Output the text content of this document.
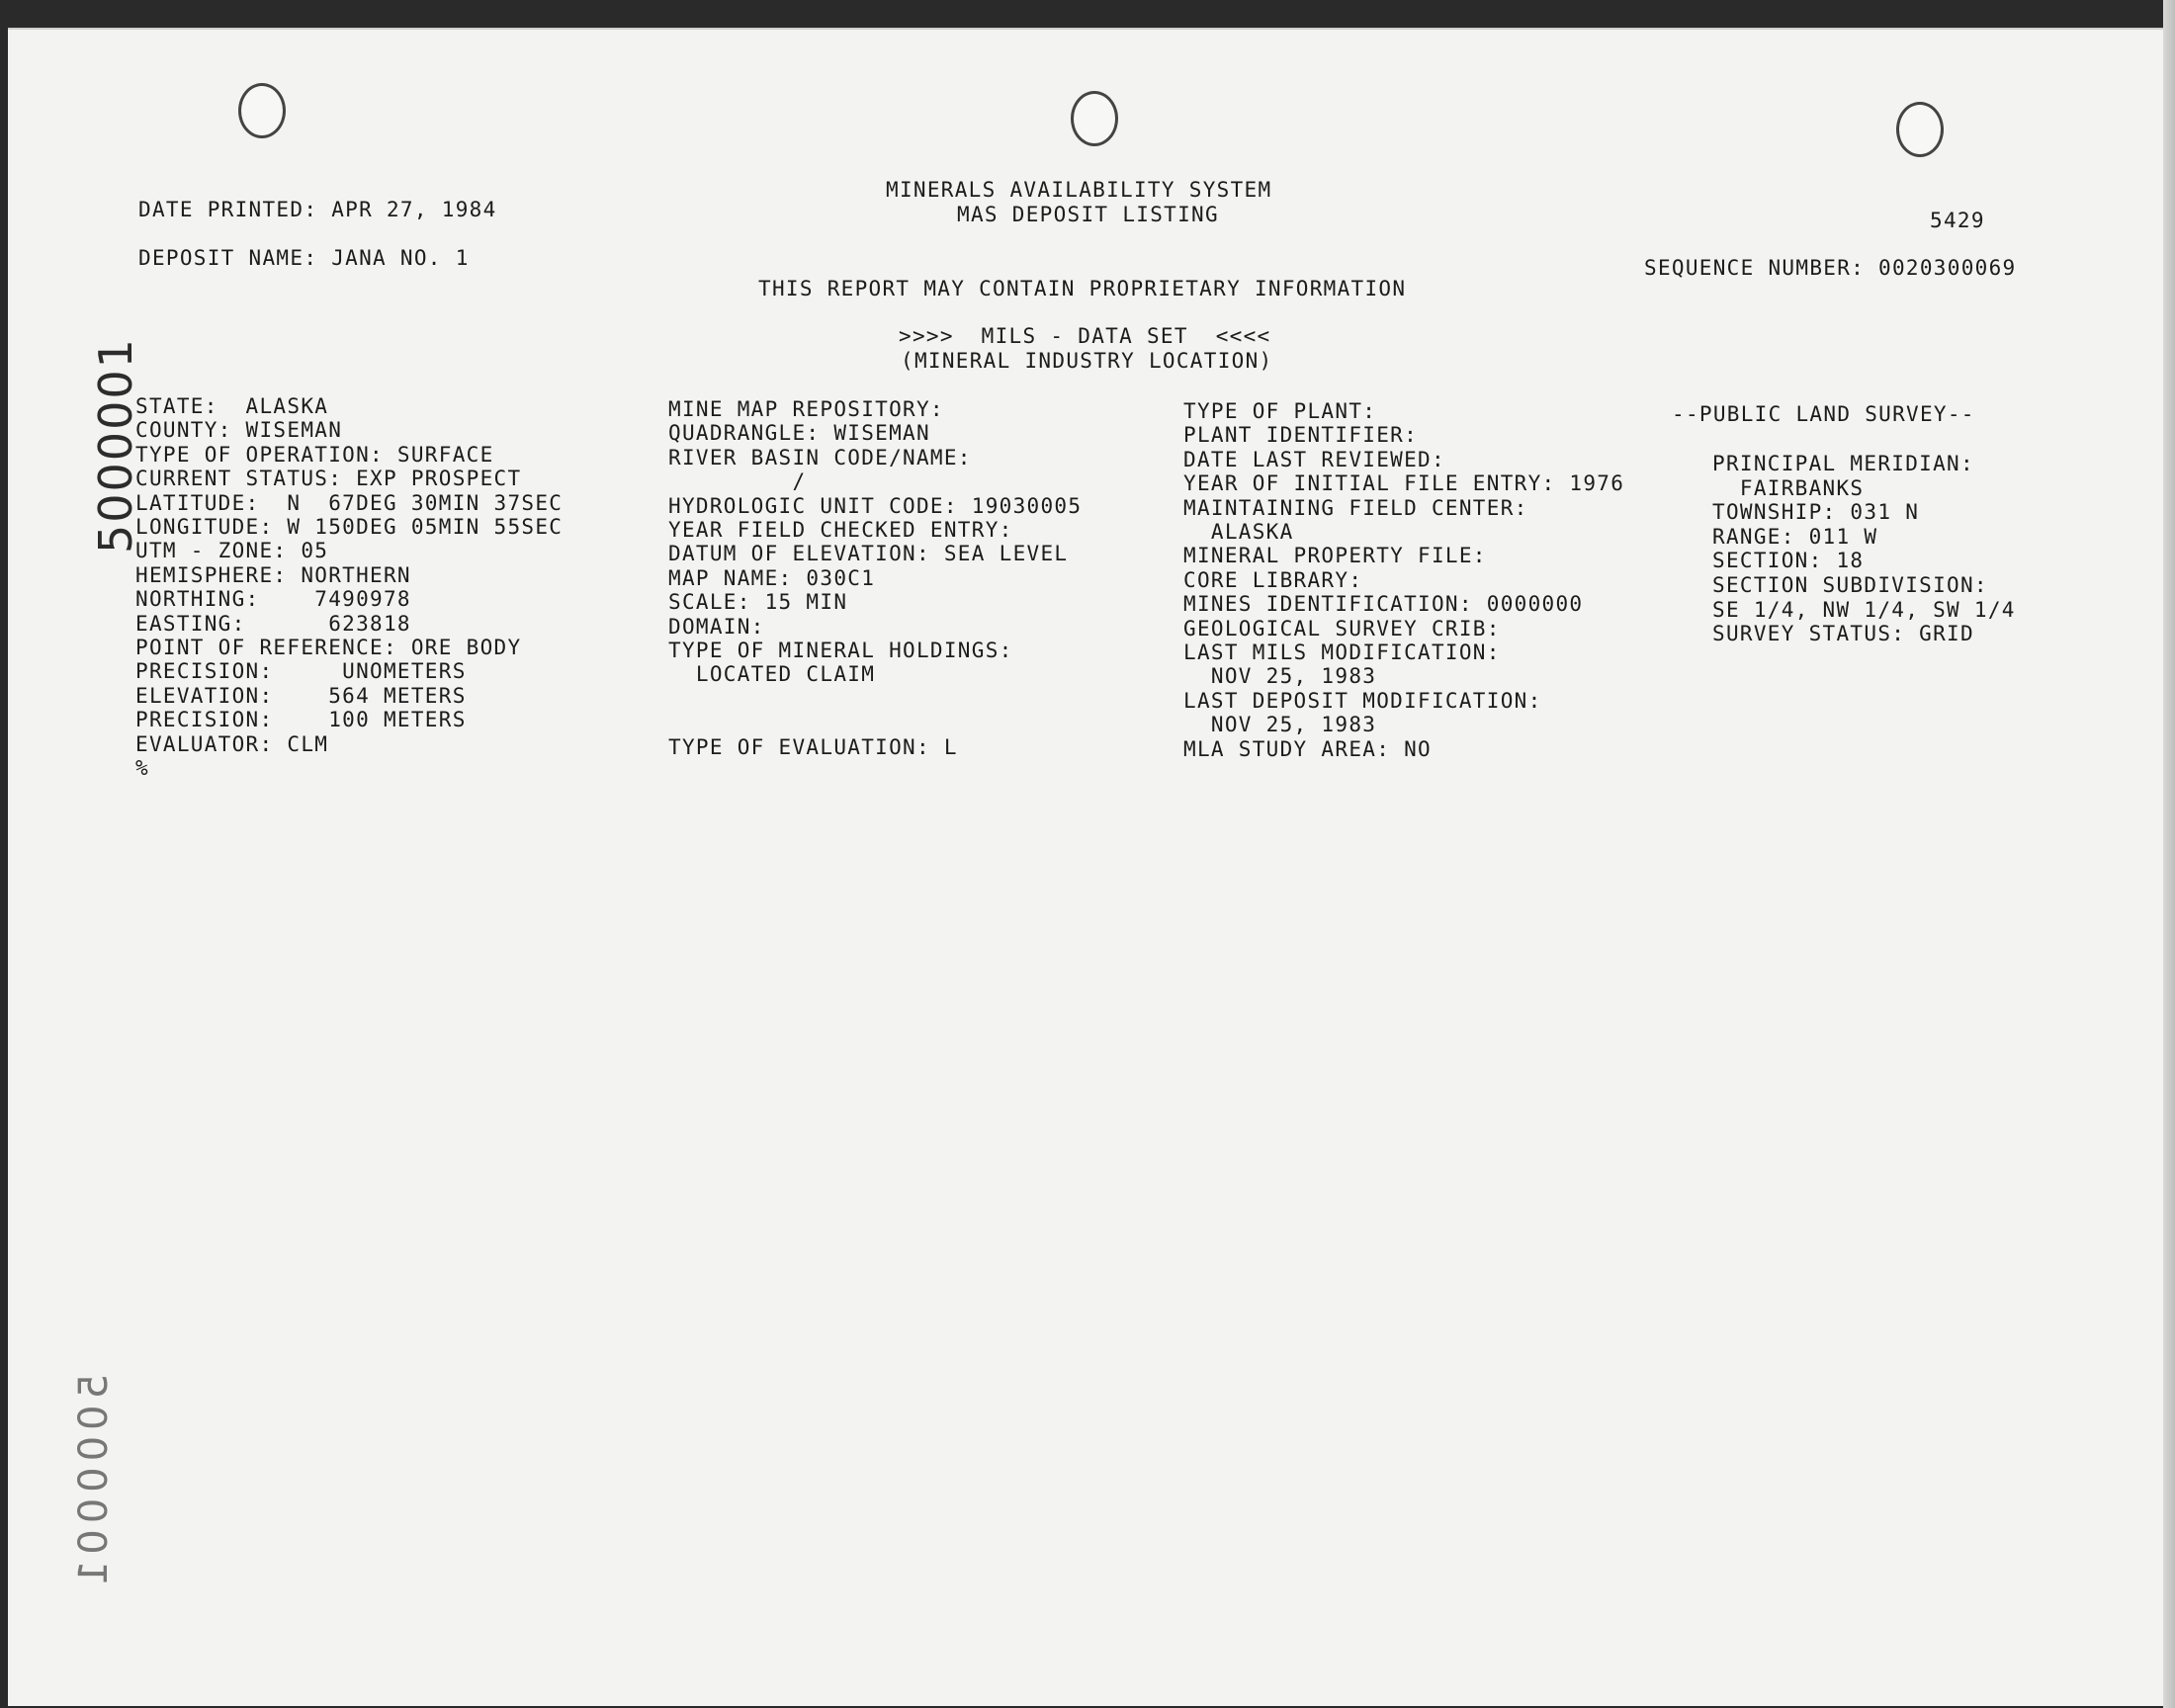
DATE PRINTED: APR 27, 1984
MINERALS AVAILABILITY SYSTEM
MAS DEPOSIT LISTING	5429
DEPOSIT NAME: JANA NO. 1	SEQUENCE NUMBER: 0020300069
THIS REPORT MAY CONTAIN PROPRIETARY INFORMATION
>>>>  MILS - DATA SET  <<<<
(MINERAL INDUSTRY LOCATION)
STATE:  ALASKA
COUNTY: WISEMAN
TYPE OF OPERATION: SURFACE
CURRENT STATUS: EXP PROSPECT
LATITUDE:  N  67DEG 30MIN 37SEC
LONGITUDE: W 150DEG 05MIN 55SEC
UTM - ZONE: 05
HEMISPHERE: NORTHERN
NORTHING:    7490978
EASTING:      623818
POINT OF REFERENCE: ORE BODY
PRECISION:     UNOMETERS
ELEVATION:    564 METERS
PRECISION:    100 METERS
EVALUATOR: CLM
%
MINE MAP REPOSITORY:
QUADRANGLE: WISEMAN
RIVER BASIN CODE/NAME:
/
HYDROLOGIC UNIT CODE: 19030005
YEAR FIELD CHECKED ENTRY:
DATUM OF ELEVATION: SEA LEVEL
MAP NAME: 030C1
SCALE: 15 MIN
DOMAIN:
TYPE OF MINERAL HOLDINGS:
LOCATED CLAIM
TYPE OF EVALUATION: L
TYPE OF PLANT:
PLANT IDENTIFIER:
DATE LAST REVIEWED:
YEAR OF INITIAL FILE ENTRY: 1976
MAINTAINING FIELD CENTER:
ALASKA
MINERAL PROPERTY FILE:
CORE LIBRARY:
MINES IDENTIFICATION: 0000000
GEOLOGICAL SURVEY CRIB:
LAST MILS MODIFICATION:
NOV 25, 1983
LAST DEPOSIT MODIFICATION:
NOV 25, 1983
MLA STUDY AREA: NO
--PUBLIC LAND SURVEY--
PRINCIPAL MERIDIAN:
FAIRBANKS
TOWNSHIP: 031 N
RANGE: 011 W
SECTION: 18
SECTION SUBDIVISION:
SE 1/4, NW 1/4, SW 1/4
SURVEY STATUS: GRID
5000001
5000001
